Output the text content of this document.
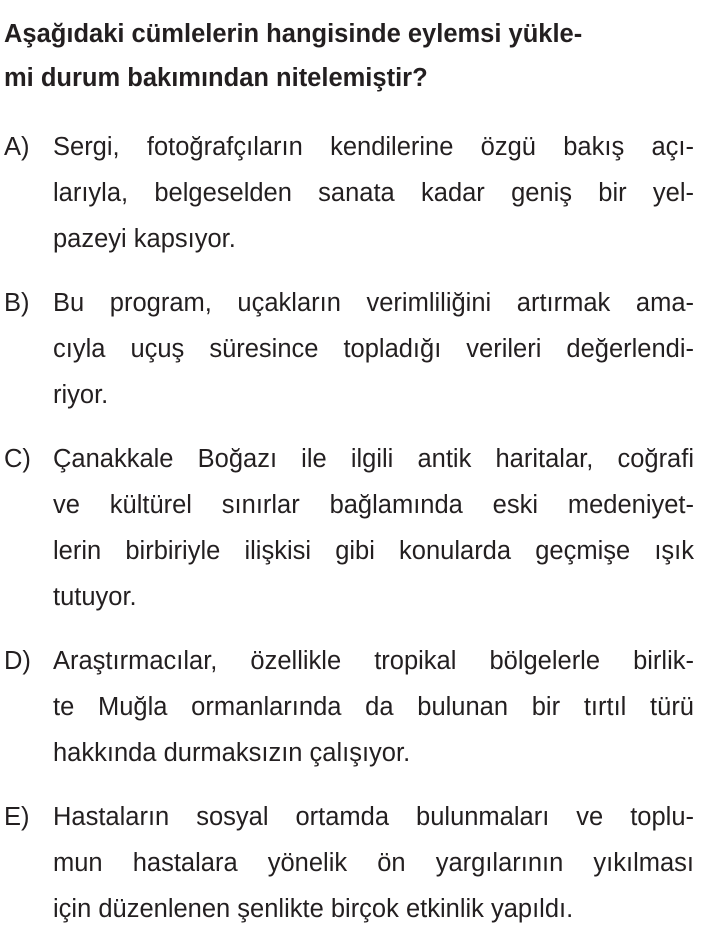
Aşağıdaki cümlelerin hangisinde eylemsi yükle-
mi durum bakımından nitelemiştir?
A) Sergi, fotoğrafçıların kendilerine özgü bakış açı-
larıyla, belgeselden sanata kadar geniş bir yel-
pazeyi kapsıyor.
B) Bu program, uçakların verimliliğini artırmak ama-
cıyla uçuş süresince topladığı verileri değerlendi-
riyor.
C) Çanakkale Boğazı ile ilgili antik haritalar, coğrafi
ve kültürel sınırlar bağlamında eski medeniyet-
lerin birbiriyle ilişkisi gibi konularda geçmişe ışık
tutuyor.
D) Araştırmacılar, özellikle tropikal bölgelerle birlik-
te Muğla ormanlarında da bulunan bir tırtıl türü
hakkında durmaksızın çalışıyor.
E) Hastaların sosyal ortamda bulunmaları ve toplu-
mun hastalara yönelik ön yargılarının yıkılması
için düzenlenen şenlikte birçok etkinlik yapıldı.
